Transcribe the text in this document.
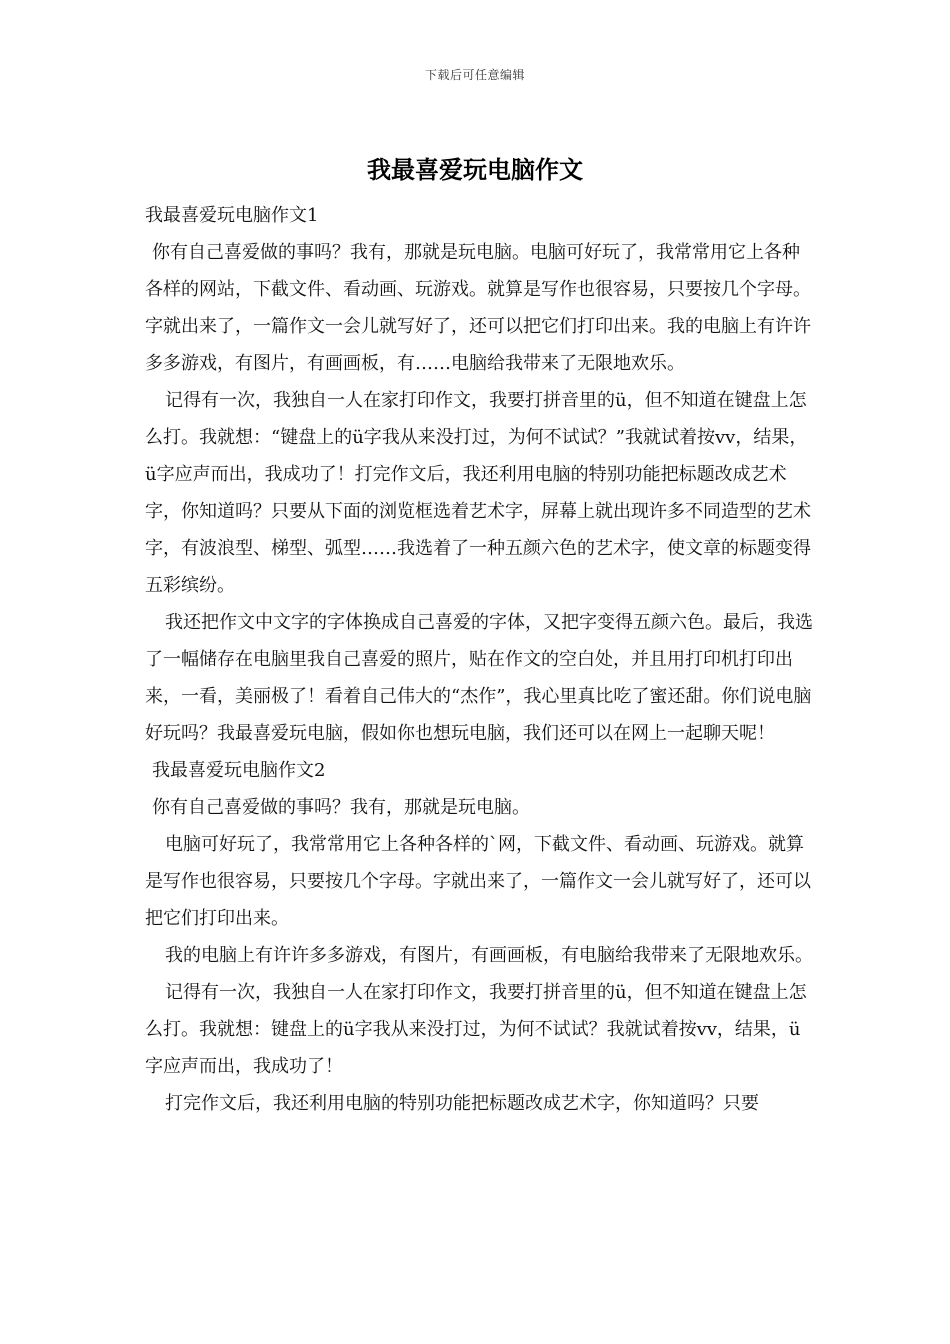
下载后可任意编辑
我最喜爱玩电脑作文

我最喜爱玩电脑作文1

你有自己喜爱做的事吗？我有，那就是玩电脑。电脑可好玩了，我常常用它上各种各样的网站，下截文件、看动画、玩游戏。就算是写作也很容易，只要按几个字母。字就出来了，一篇作文一会儿就写好了，还可以把它们打印出来。我的电脑上有许许多多游戏，有图片，有画画板，有……电脑给我带来了无限地欢乐。

记得有一次，我独自一人在家打印作文，我要打拼音里的ü，但不知道在键盘上怎么打。我就想：“键盘上的ü字我从来没打过，为何不试试？”我就试着按vv，结果，ü字应声而出，我成功了！打完作文后，我还利用电脑的特别功能把标题改成艺术字，你知道吗？只要从下面的浏览框选着艺术字，屏幕上就出现许多不同造型的艺术字，有波浪型、梯型、弧型……我选着了一种五颜六色的艺术字，使文章的标题变得五彩缤纷。

我还把作文中文字的字体换成自己喜爱的字体，又把字变得五颜六色。最后，我选了一幅储存在电脑里我自己喜爱的照片，贴在作文的空白处，并且用打印机打印出来，一看，美丽极了！看着自己伟大的“杰作”，我心里真比吃了蜜还甜。你们说电脑好玩吗？我最喜爱玩电脑，假如你也想玩电脑，我们还可以在网上一起聊天呢！

我最喜爱玩电脑作文2

你有自己喜爱做的事吗？我有，那就是玩电脑。

电脑可好玩了，我常常用它上各种各样的`网，下截文件、看动画、玩游戏。就算是写作也很容易，只要按几个字母。字就出来了，一篇作文一会儿就写好了，还可以把它们打印出来。

我的电脑上有许许多多游戏，有图片，有画画板，有电脑给我带来了无限地欢乐。

记得有一次，我独自一人在家打印作文，我要打拼音里的ü，但不知道在键盘上怎么打。我就想：键盘上的ü字我从来没打过，为何不试试？我就试着按vv，结果，ü字应声而出，我成功了！

打完作文后，我还利用电脑的特别功能把标题改成艺术字，你知道吗？只要
